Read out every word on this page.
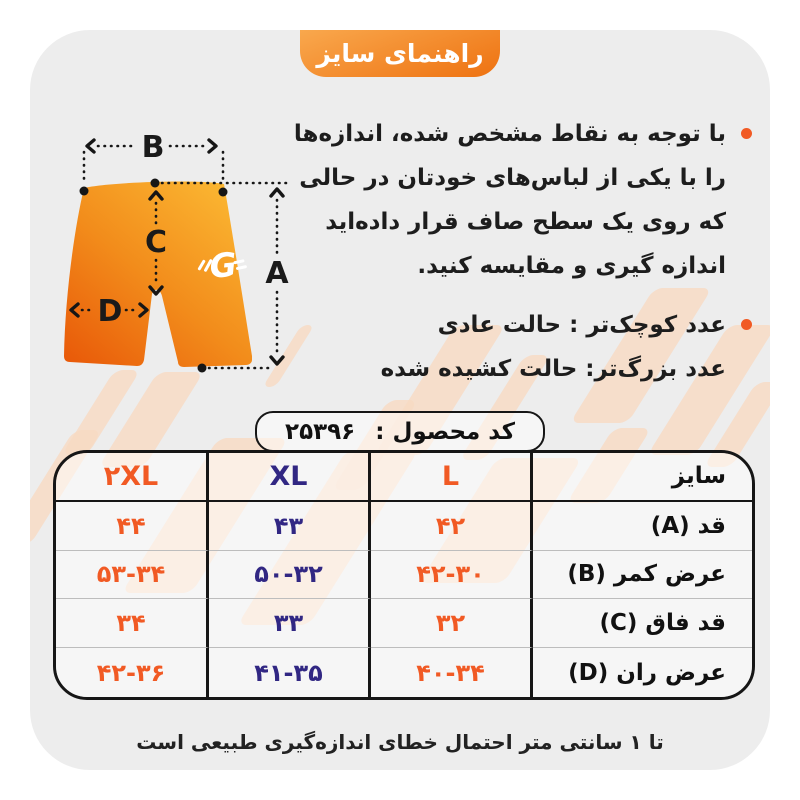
راهنمای سایز
با توجه به نقاط مشخص شده، اندازه‌ها
را با یکی از لباس‌های خودتان در حالی
که روی یک سطح صاف قرار داده‌اید
اندازه گیری و مقایسه کنید.
عدد کوچک‌تر : حالت عادی
عدد بزرگ‌تر: حالت کشیده شده
G
B
A
C
D
کد محصول :
۲۵۳۹۶
۲XL	XL	L	سایز
۴۴	۴۳	۴۲	قد (A)
۵۳-۳۴	۵۰-۳۲	۴۲-۳۰	عرض کمر (B)
۳۴	۳۳	۳۲	قد فاق (C)
۴۲-۳۶	۴۱-۳۵	۴۰-۳۴	عرض ران (D)
تا ۱ سانتی متر احتمال خطای اندازه‌گیری طبیعی است
